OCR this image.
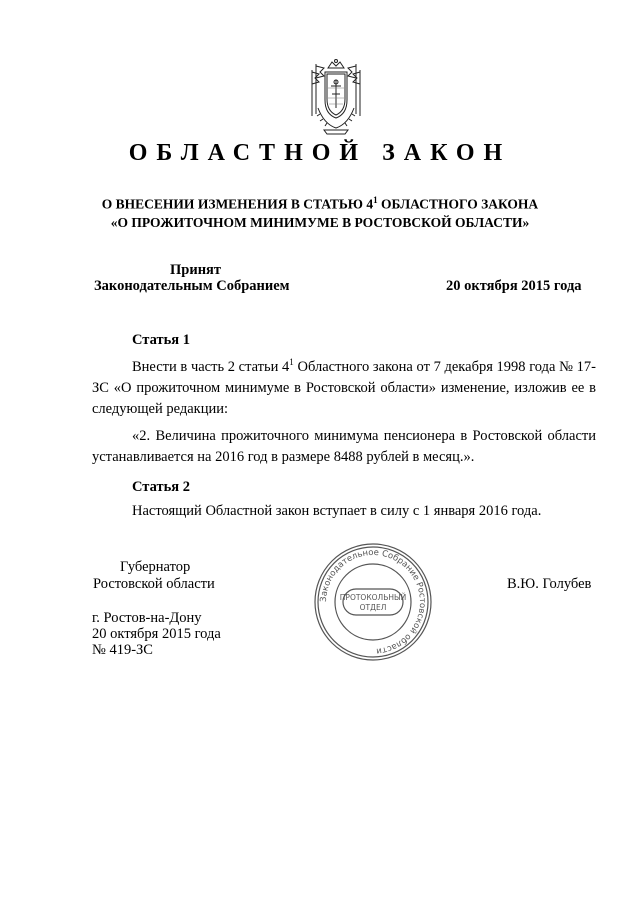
ОБЛАСТНОЙ ЗАКОН
О ВНЕСЕНИИ ИЗМЕНЕНИЯ В СТАТЬЮ $4^1$ ОБЛАСТНОГО ЗАКОНА
«О ПРОЖИТОЧНОМ МИНИМУМЕ В РОСТОВСКОЙ ОБЛАСТИ»
Принят
Законодательным Собранием	20 октября 2015 года
Статья 1
Внести в часть 2 статьи $4^1$ Областного закона от 7 декабря 1998 года № 17-ЗС «О прожиточном минимуме в Ростовской области» изменение, изложив ее в следующей редакции:
«2. Величина прожиточного минимума пенсионера в Ростовской области устанавливается на 2016 год в размере 8488 рублей в месяц.».
Статья 2
Настоящий Областной закон вступает в силу с 1 января 2016 года.
Губернатор
Ростовской области	В.Ю. Голубев
г. Ростов-на-Дону
20 октября 2015 года
№ 419-ЗС
Законодательное Собрание Ростовской области
ПРОТОКОЛЬНЫЙ
ОТДЕЛ
